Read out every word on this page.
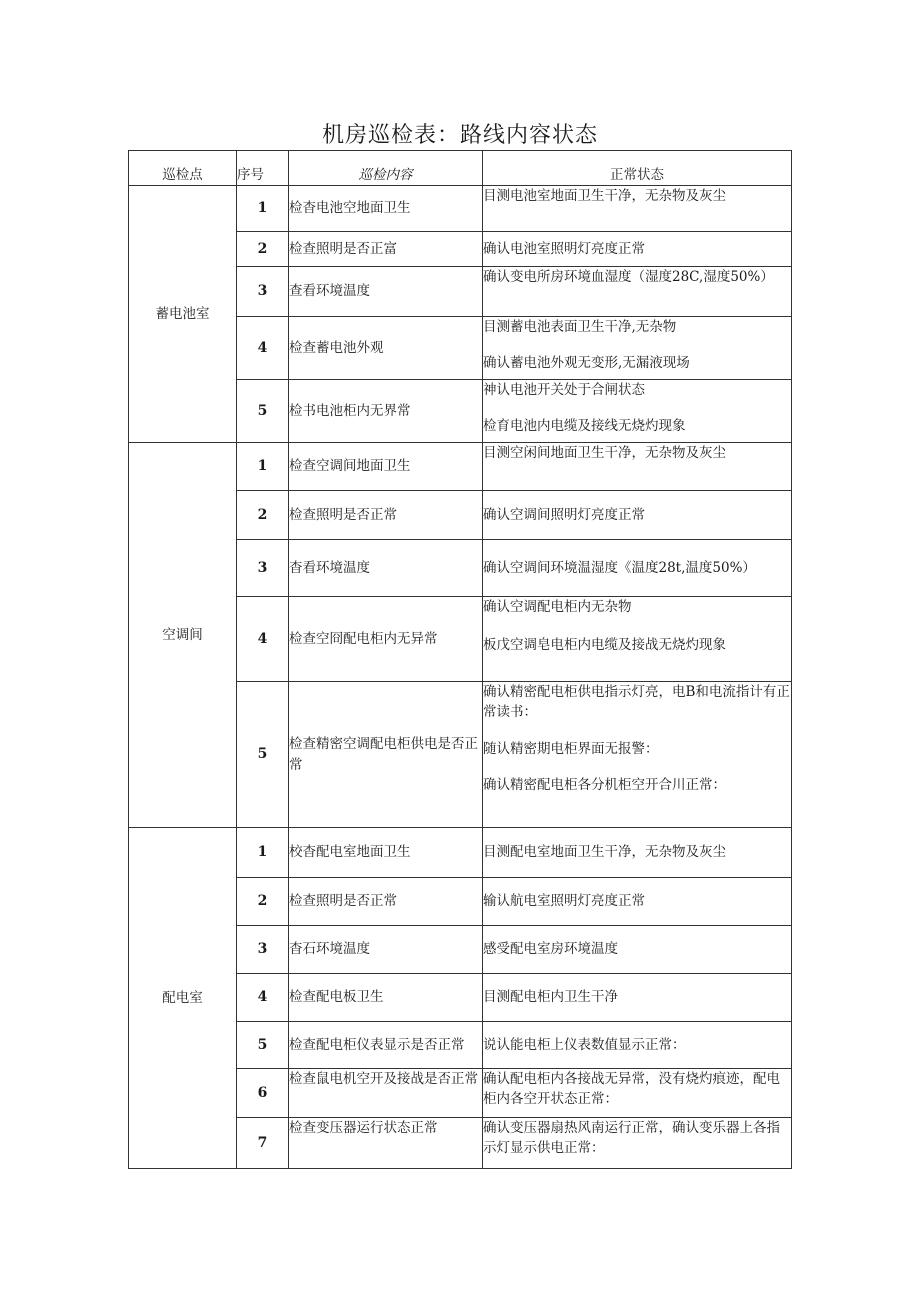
机房巡检表：路线内容状态
巡检点	序号	巡检内容	正常状态
蓄电池室	1	检杳电池空地面卫生	目测电池室地面卫生干净，无杂物及灰尘

	2	检查照明是否正富	确认电池室照明灯亮度正常

	3	查看环境温度	确认变电所房环境血湿度（湿度28C,湿度50%）

	4	检查蓄电池外观	目测蓄电池表面卫生干净,无杂物
确认蓄电池外观无变形,无漏液现场

	5	检书电池柜内无界常	神认电池开关处于合闸状态
检育电池内电缆及接线无烧灼现象

空调间	1	检查空调间地面卫生	目测空闲间地面卫生干净，无杂物及灰尘

	2	检查照明是否正常	确认空调间照明灯亮度正常

	3	杳看环境温度	确认空调间环境温湿度《温度28t,温度50%）

	4	检查空冏配电柜内无异常	确认空调配电柜内无杂物
板戊空调皂电柜内电缆及接战无烧灼现象

	5	检查精密空调配电柜供电是否正常	确认精密配电柜供电指示灯亮，电B和电流指计有正常读书：
随认精密期电柜界面无报警：
确认精密配电柜各分机柜空开合川正常：

配电室	1	校杳配电室地面卫生	目测配电室地面卫生干净，无杂物及灰尘

	2	检查照明是否正常	输认航电室照明灯亮度正常

	3	杳石环境温度	感受配电室房环境温度

	4	检查配电板卫生	目测配电柜内卫生干净

	5	检查配电柜仪表显示是否正常	说认能电柜上仪表数值显示正常：

	6	检查鼠电机空开及接战是否正常	确认配电柜内各接战无异常，没有烧灼痕迹，配电柜内各空开状态正常：

	7	检查变压器运行状态正常	确认变压器扇热风南运行正常，确认变乐器上各指示灯显示供电正常：
